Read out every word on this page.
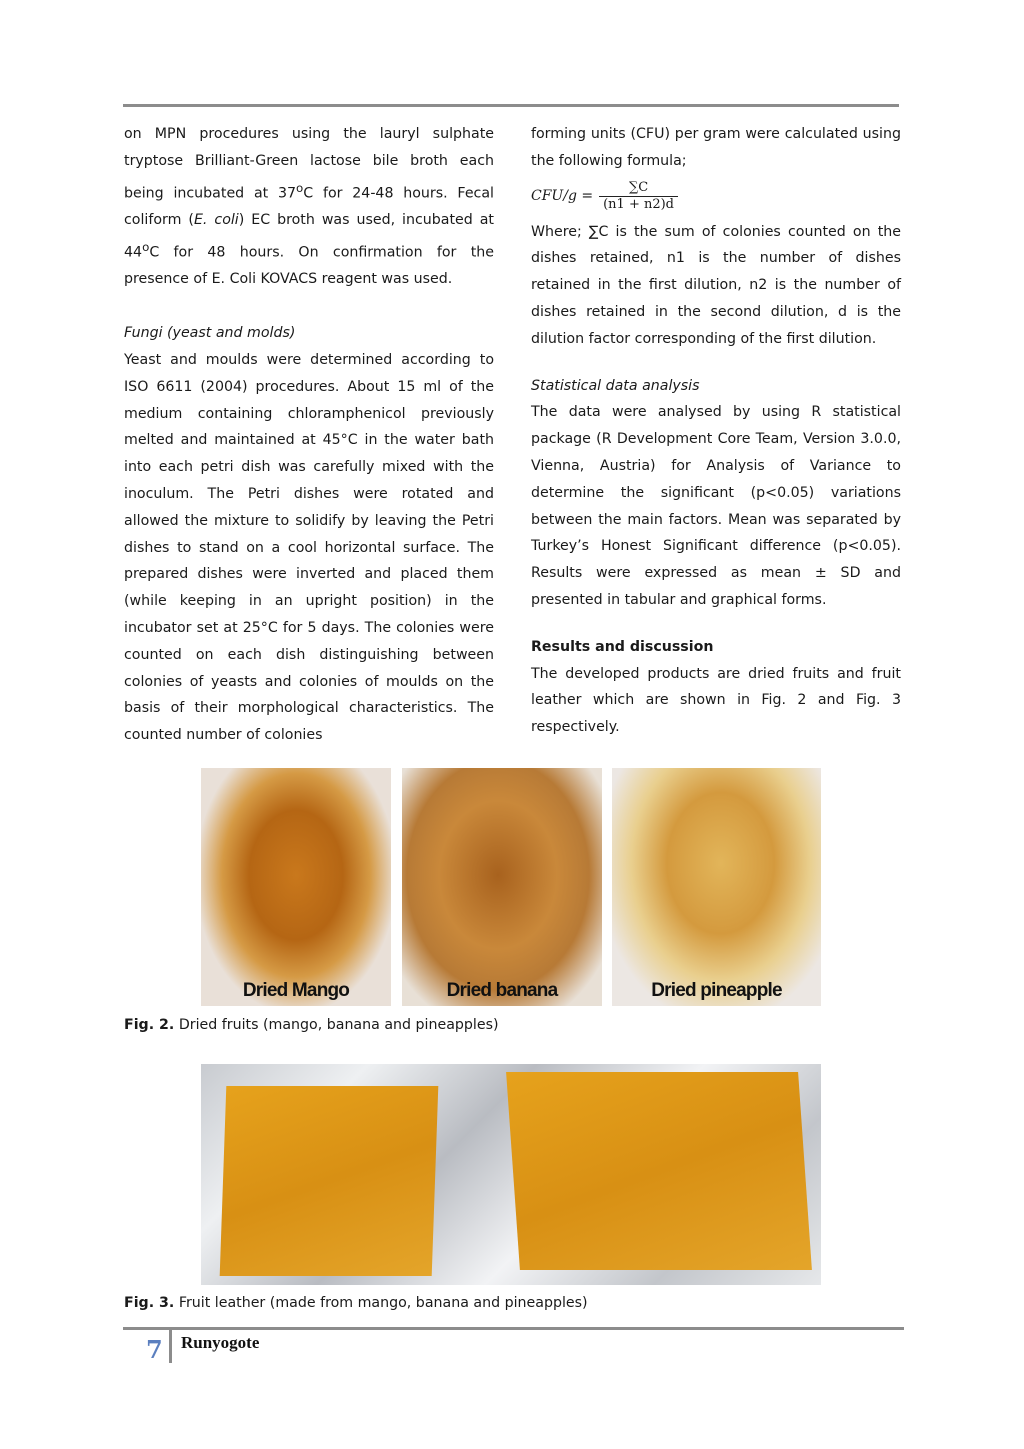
on MPN procedures using the lauryl sulphate tryptose Brilliant-Green lactose bile broth each being incubated at 37$^o$C for 24-48 hours. Fecal coliform (E. coli) EC broth was used, incubated at 44$^o$C for 48 hours. On confirmation for the presence of E. Coli KOVACS reagent was used.

Fungi (yeast and molds)

Yeast and moulds were determined according to ISO 6611 (2004) procedures. About 15 ml of the medium containing chloramphenicol previously melted and maintained at 45°C in the water bath into each petri dish was carefully mixed with the inoculum. The Petri dishes were rotated and allowed the mixture to solidify by leaving the Petri dishes to stand on a cool horizontal surface. The prepared dishes were inverted and placed them (while keeping in an upright position) in the incubator set at 25°C for 5 days. The colonies were counted on each dish distinguishing between colonies of yeasts and colonies of moulds on the basis of their morphological characteristics. The counted number of colonies

forming units (CFU) per gram were calculated using the following formula;

$CFU/g = \frac{\sum C}{(n1 + n2)d}$

Where; ∑C is the sum of colonies counted on the dishes retained, n1 is the number of dishes retained in the first dilution, n2 is the number of dishes retained in the second dilution, d is the dilution factor corresponding of the first dilution.

Statistical data analysis

The data were analysed by using R statistical package (R Development Core Team, Version 3.0.0, Vienna, Austria) for Analysis of Variance to determine the significant (p<0.05) variations between the main factors. Mean was separated by Turkey’s Honest Significant difference (p<0.05). Results were expressed as mean ± SD and presented in tabular and graphical forms.

Results and discussion

The developed products are dried fruits and fruit leather which are shown in Fig. 2 and Fig. 3 respectively.

Dried Mango	Dried banana	Dried pineapple
Fig. 2. Dried fruits (mango, banana and pineapples)
Fig. 3. Fruit leather (made from mango, banana and pineapples)
7 Runyogote
